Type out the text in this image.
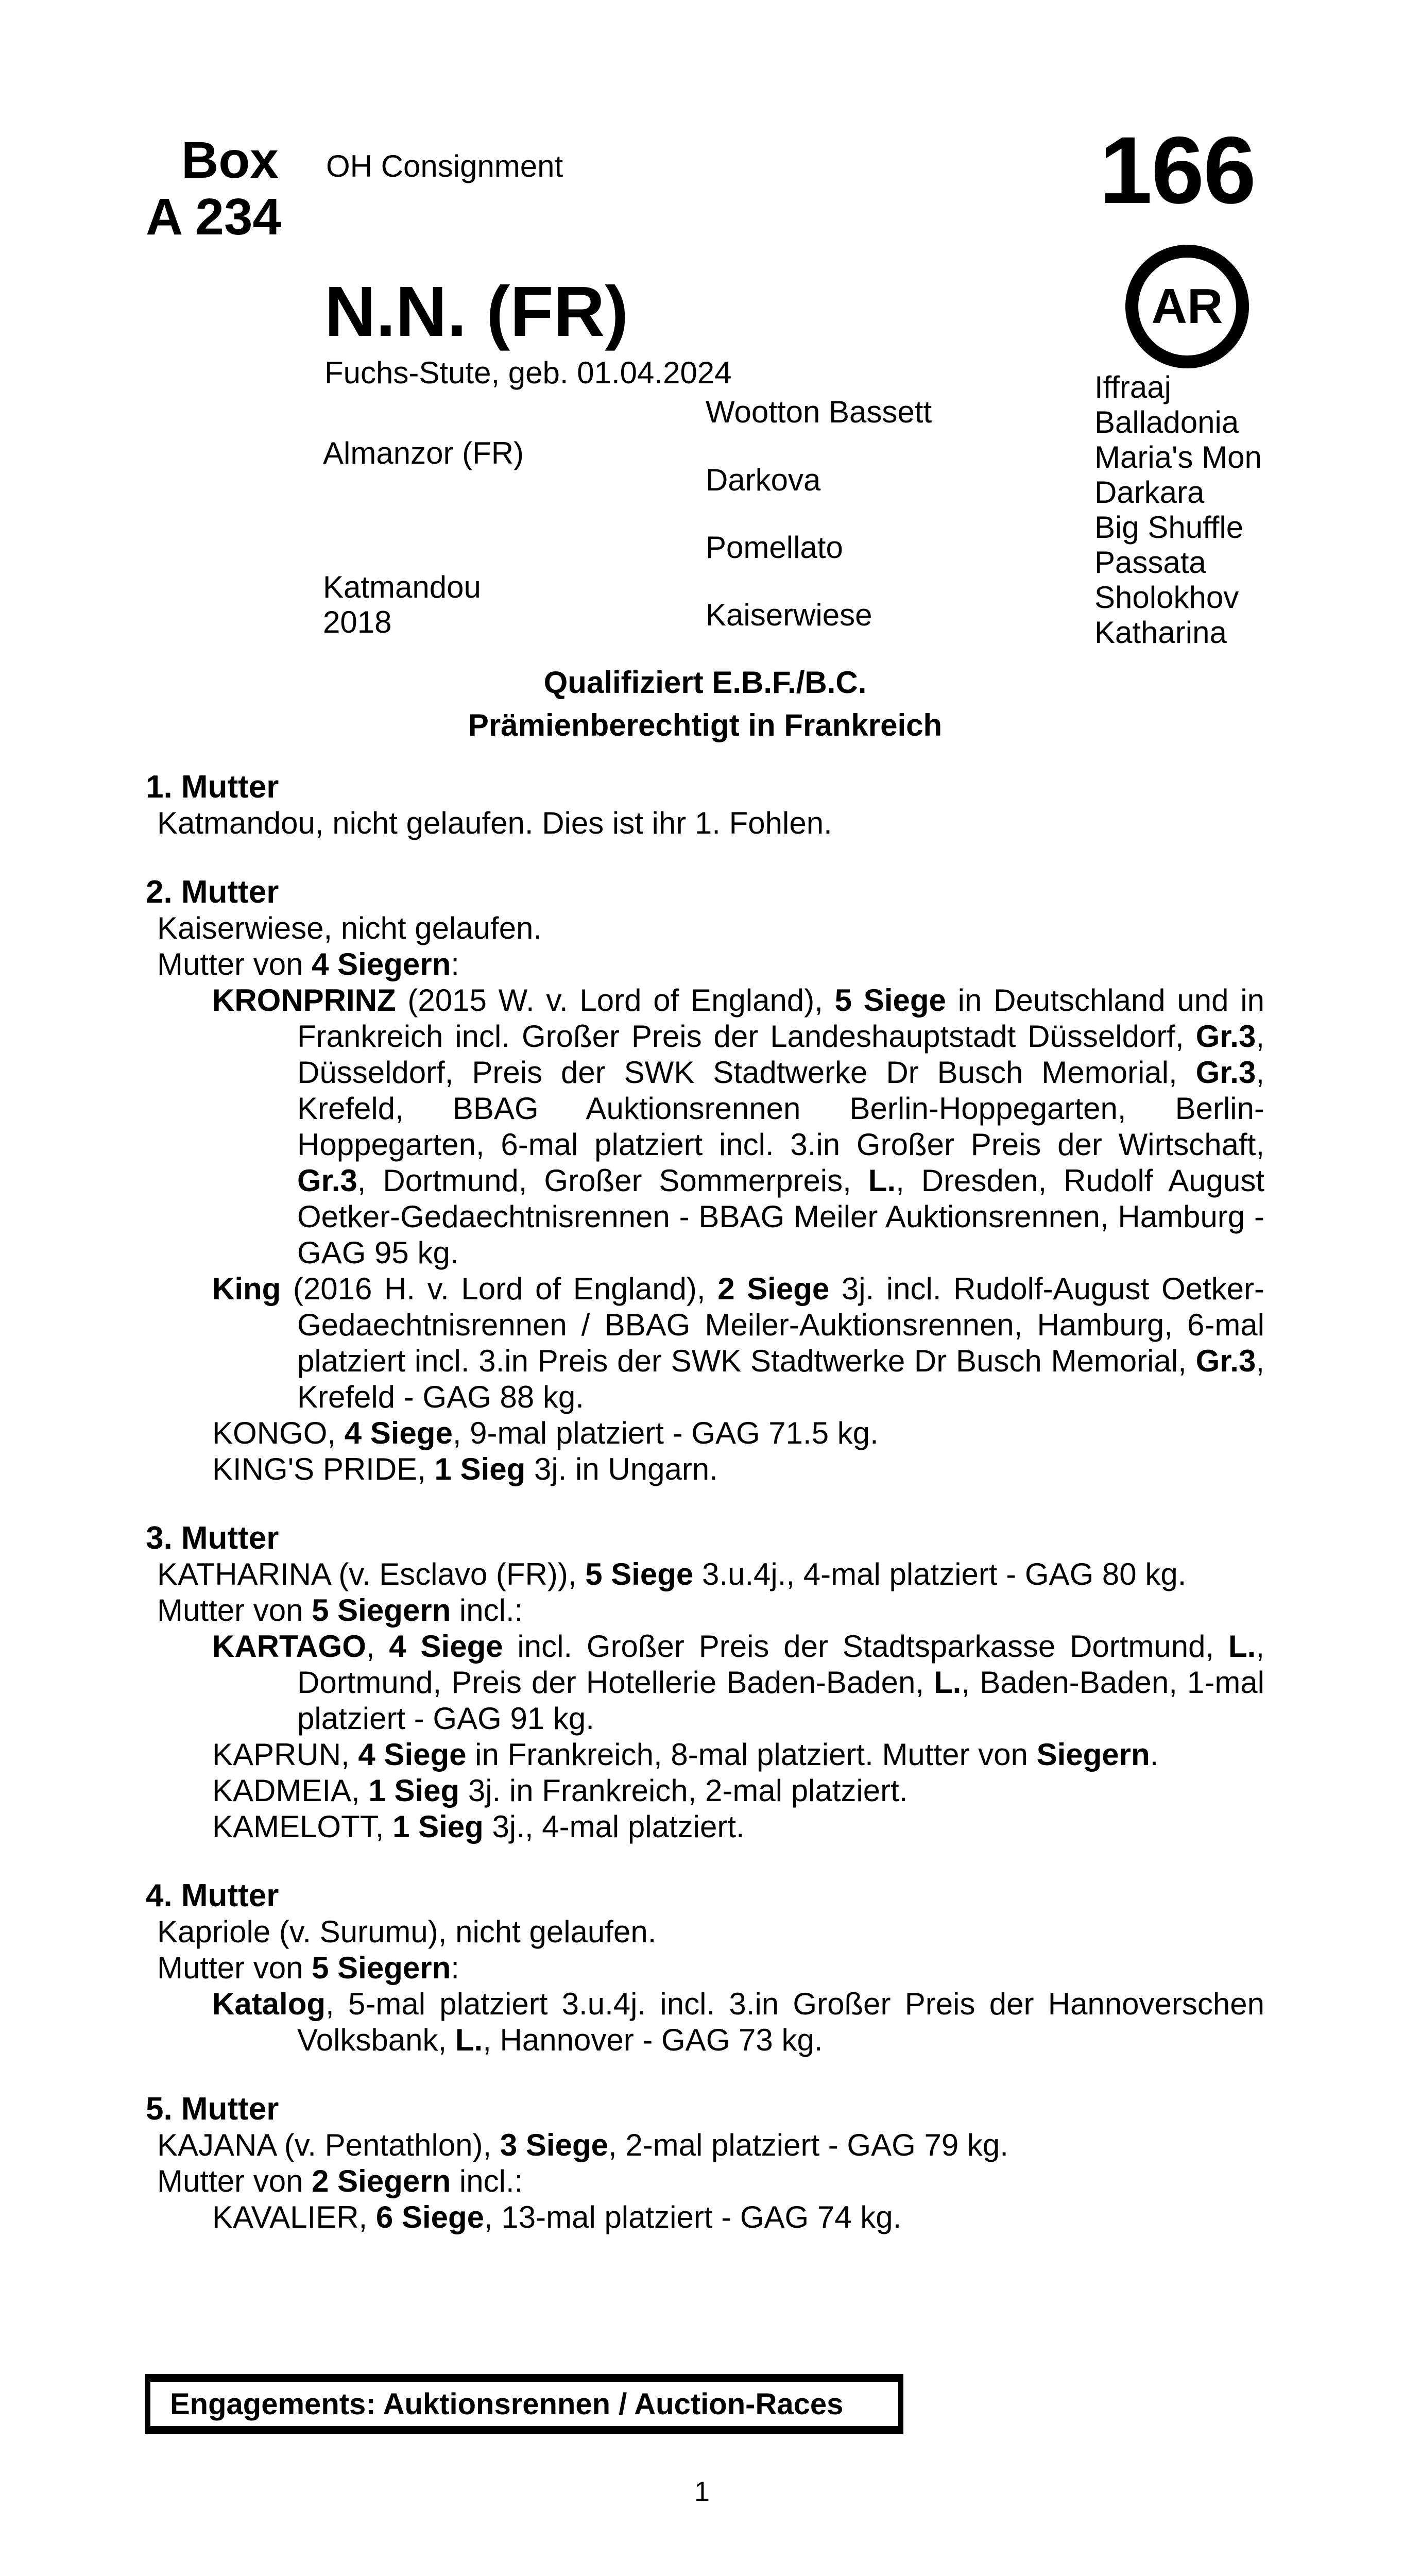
Box
A 234
OH Consignment	166
AR
N.N. (FR)
Fuchs-Stute, geb. 01.04.2024
Almanzor (FR)
Katmandou
2018
Wootton Bassett
Darkova
Pomellato
Kaiserwiese
Iffraaj
Balladonia
Maria's Mon
Darkara
Big Shuffle
Passata
Sholokhov
Katharina
Qualifiziert E.B.F./B.C.
Prämienberechtigt in Frankreich
1. Mutter
Katmandou, nicht gelaufen. Dies ist ihr 1. Fohlen.
2. Mutter
Kaiserwiese, nicht gelaufen.
Mutter von 4 Siegern:
KRONPRINZ (2015 W. v. Lord of England), 5 Siege in Deutschland und in Frankreich incl. Großer Preis der Landeshauptstadt Düsseldorf, Gr.3, Düsseldorf, Preis der SWK Stadtwerke Dr Busch Memorial, Gr.3, Krefeld, BBAG Auktionsrennen Berlin-Hoppegarten, Berlin-Hoppegarten, 6-mal platziert incl. 3.in Großer Preis der Wirtschaft, Gr.3, Dortmund, Großer Sommerpreis, L., Dresden, Rudolf August Oetker-Gedaechtnisrennen - BBAG Meiler Auktionsrennen, Hamburg - GAG 95 kg.
King (2016 H. v. Lord of England), 2 Siege 3j. incl. Rudolf-August Oetker-Gedaechtnisrennen / BBAG Meiler-Auktionsrennen, Hamburg, 6-mal platziert incl. 3.in Preis der SWK Stadtwerke Dr Busch Memorial, Gr.3, Krefeld - GAG 88 kg.
KONGO, 4 Siege, 9-mal platziert - GAG 71.5 kg.
KING'S PRIDE, 1 Sieg 3j. in Ungarn.
3. Mutter
KATHARINA (v. Esclavo (FR)), 5 Siege 3.u.4j., 4-mal platziert - GAG 80 kg.
Mutter von 5 Siegern incl.:
KARTAGO, 4 Siege incl. Großer Preis der Stadtsparkasse Dortmund, L., Dortmund, Preis der Hotellerie Baden-Baden, L., Baden-Baden, 1-mal platziert - GAG 91 kg.
KAPRUN, 4 Siege in Frankreich, 8-mal platziert. Mutter von Siegern.
KADMEIA, 1 Sieg 3j. in Frankreich, 2-mal platziert.
KAMELOTT, 1 Sieg 3j., 4-mal platziert.
4. Mutter
Kapriole (v. Surumu), nicht gelaufen.
Mutter von 5 Siegern:
Katalog, 5-mal platziert 3.u.4j. incl. 3.in Großer Preis der Hannoverschen Volksbank, L., Hannover - GAG 73 kg.
5. Mutter
KAJANA (v. Pentathlon), 3 Siege, 2-mal platziert - GAG 79 kg.
Mutter von 2 Siegern incl.:
KAVALIER, 6 Siege, 13-mal platziert - GAG 74 kg.
Engagements: Auktionsrennen / Auction-Races
1
